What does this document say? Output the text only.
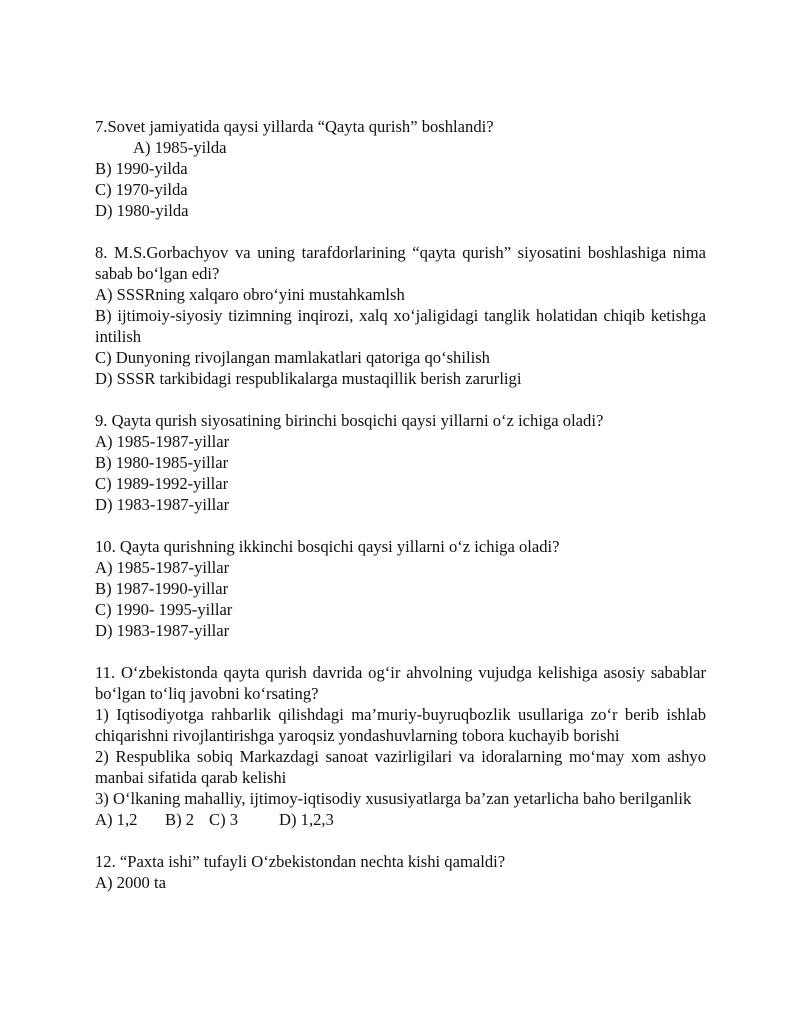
7.Sovet jamiyatida qaysi yillarda “Qayta qurish” boshlandi?
A) 1985-yilda
B) 1990-yilda
C) 1970-yilda
D) 1980-yilda
8. M.S.Gorbachyov va uning tarafdorlarining “qayta qurish” siyosatini boshlashiga nima sabab bo‘lgan edi?
A) SSSRning xalqaro obro‘yini mustahkamlsh
B) ijtimoiy-siyosiy tizimning inqirozi, xalq xo‘jaligidagi tanglik holatidan chiqib ketishga intilish
C) Dunyoning rivojlangan mamlakatlari qatoriga qo‘shilish
D) SSSR tarkibidagi respublikalarga mustaqillik berish zarurligi
9. Qayta qurish siyosatining birinchi bosqichi qaysi yillarni o‘z ichiga oladi?
A) 1985-1987-yillar
B) 1980-1985-yillar
C) 1989-1992-yillar
D) 1983-1987-yillar
10. Qayta qurishning ikkinchi bosqichi qaysi yillarni o‘z ichiga oladi?
A) 1985-1987-yillar
B) 1987-1990-yillar
C) 1990- 1995-yillar
D) 1983-1987-yillar
11. O‘zbekistonda qayta qurish davrida og‘ir ahvolning vujudga kelishiga asosiy sabablar bo‘lgan to‘liq javobni ko‘rsating?
1) Iqtisodiyotga rahbarlik qilishdagi ma’muriy-buyruqbozlik usullariga zo‘r berib ishlab chiqarishni rivojlantirishga yaroqsiz yondashuvlarning tobora kuchayib borishi
2) Respublika sobiq Markazdagi sanoat vazirligilari va idoralarning mo‘may xom ashyo manbai sifatida qarab kelishi
3) O‘lkaning mahalliy, ijtimoy-iqtisodiy xususiyatlarga ba’zan yetarlicha baho berilganlik
A) 1,2 B) 2 C) 3 D) 1,2,3
12. “Paxta ishi” tufayli O‘zbekistondan nechta kishi qamaldi?
A) 2000 ta
